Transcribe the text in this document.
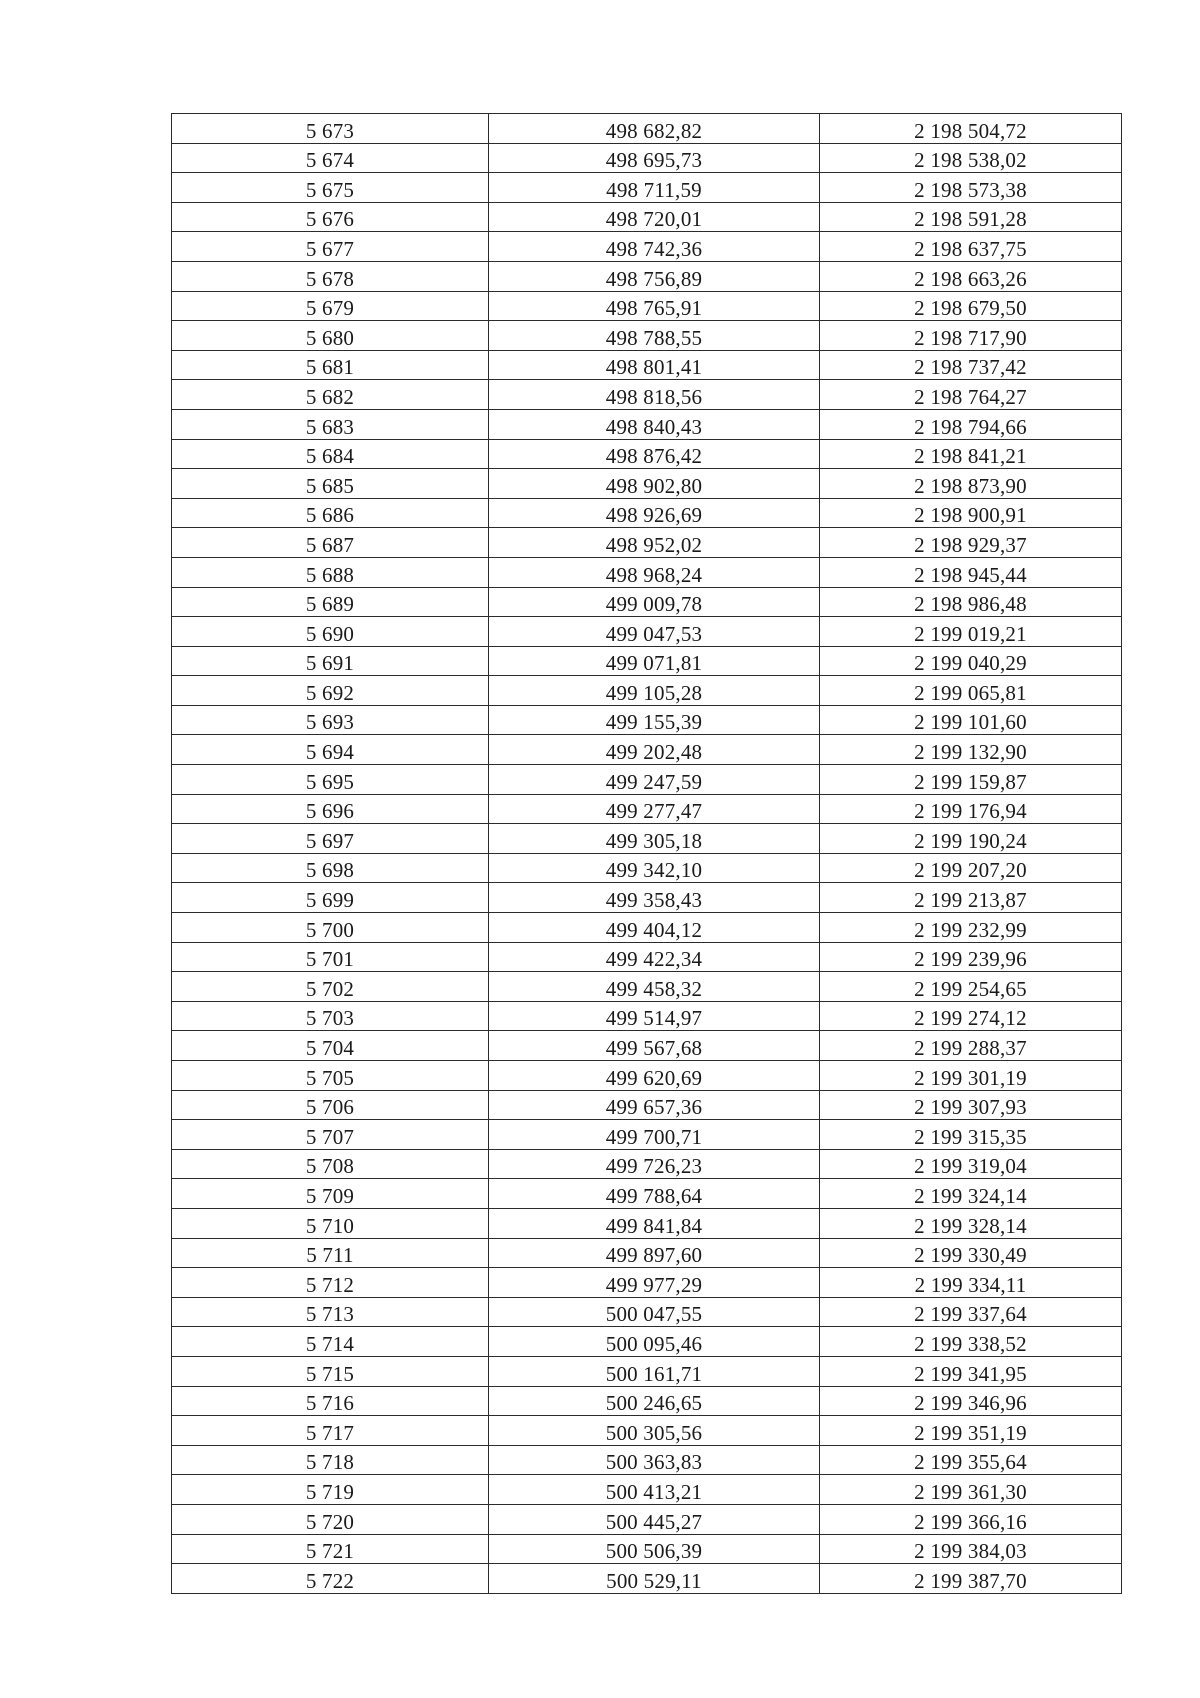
5 673	498 682,82	2 198 504,72
5 674	498 695,73	2 198 538,02
5 675	498 711,59	2 198 573,38
5 676	498 720,01	2 198 591,28
5 677	498 742,36	2 198 637,75
5 678	498 756,89	2 198 663,26
5 679	498 765,91	2 198 679,50
5 680	498 788,55	2 198 717,90
5 681	498 801,41	2 198 737,42
5 682	498 818,56	2 198 764,27
5 683	498 840,43	2 198 794,66
5 684	498 876,42	2 198 841,21
5 685	498 902,80	2 198 873,90
5 686	498 926,69	2 198 900,91
5 687	498 952,02	2 198 929,37
5 688	498 968,24	2 198 945,44
5 689	499 009,78	2 198 986,48
5 690	499 047,53	2 199 019,21
5 691	499 071,81	2 199 040,29
5 692	499 105,28	2 199 065,81
5 693	499 155,39	2 199 101,60
5 694	499 202,48	2 199 132,90
5 695	499 247,59	2 199 159,87
5 696	499 277,47	2 199 176,94
5 697	499 305,18	2 199 190,24
5 698	499 342,10	2 199 207,20
5 699	499 358,43	2 199 213,87
5 700	499 404,12	2 199 232,99
5 701	499 422,34	2 199 239,96
5 702	499 458,32	2 199 254,65
5 703	499 514,97	2 199 274,12
5 704	499 567,68	2 199 288,37
5 705	499 620,69	2 199 301,19
5 706	499 657,36	2 199 307,93
5 707	499 700,71	2 199 315,35
5 708	499 726,23	2 199 319,04
5 709	499 788,64	2 199 324,14
5 710	499 841,84	2 199 328,14
5 711	499 897,60	2 199 330,49
5 712	499 977,29	2 199 334,11
5 713	500 047,55	2 199 337,64
5 714	500 095,46	2 199 338,52
5 715	500 161,71	2 199 341,95
5 716	500 246,65	2 199 346,96
5 717	500 305,56	2 199 351,19
5 718	500 363,83	2 199 355,64
5 719	500 413,21	2 199 361,30
5 720	500 445,27	2 199 366,16
5 721	500 506,39	2 199 384,03
5 722	500 529,11	2 199 387,70
